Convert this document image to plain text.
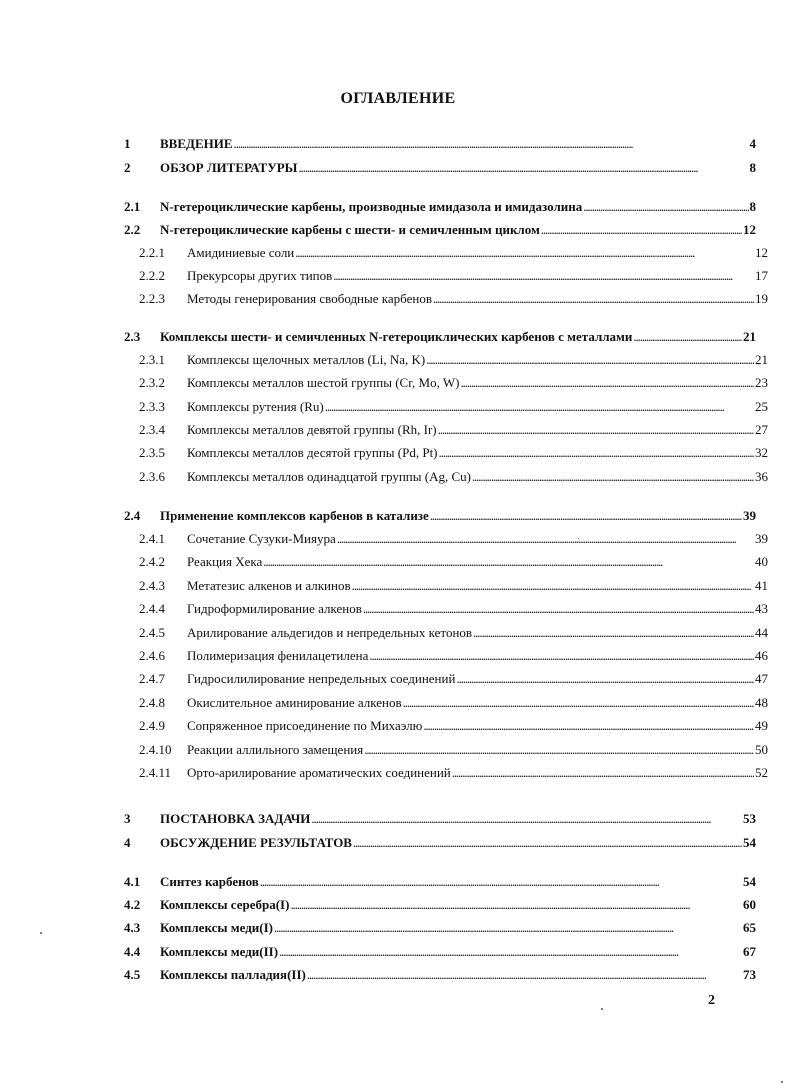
ОГЛАВЛЕНИЕ
1 ВВЕДЕНИЕ . . .	4
2 ОБЗОР ЛИТЕРАТУРЫ . . .	8
2.1 N-гетероциклические карбены, производные имидазола и имидазолина . . .	8
2.2 N-гетероциклические карбены с шести- и семичленным циклом . . .	12
2.2.1 Амидиниевые соли . . .	12
2.2.2 Прекурсоры других типов . . .	17
2.2.3 Методы генерирования свободные карбенов . . .	19
2.3 Комплексы шести- и семичленных N-гетероциклических карбенов с металлами . . .	21
2.3.1 Комплексы щелочных металлов (Li, Na, K) . . .	21
2.3.2 Комплексы металлов шестой группы (Cr, Mo, W) . . .	23
2.3.3 Комплексы рутения (Ru) . . .	25
2.3.4 Комплексы металлов девятой группы (Rh, Ir) . . .	27
2.3.5 Комплексы металлов десятой группы (Pd, Pt) . . .	32
2.3.6 Комплексы металлов одинадцатой группы (Ag, Cu) . . .	36
2.4 Применение комплексов карбенов в катализе . . .	39
2.4.1 Сочетание Сузуки-Мияура . . .	39
2.4.2 Реакция Хека . . .	40
2.4.3 Метатезис алкенов и алкинов . . .	41
2.4.4 Гидроформилирование алкенов . . .	43
2.4.5 Арилирование альдегидов и непредельных кетонов . . .	44
2.4.6 Полимеризация фенилацетилена . . .	46
2.4.7 Гидросилилирование непредельных соединений . . .	47
2.4.8 Окислительное аминирование алкенов . . .	48
2.4.9 Сопряженное присоединение по Михаэлю . . .	49
2.4.10 Реакции аллильного замещения . . .	50
2.4.11 Орто-арилирование ароматических соединений . . .	52
3 ПОСТАНОВКА ЗАДАЧИ . . .	53
4 ОБСУЖДЕНИЕ РЕЗУЛЬТАТОВ . . .	54
4.1 Синтез карбенов . . .	54
4.2 Комплексы серебра(I) . . .	60
4.3 Комплексы меди(I) . . .	65
4.4 Комплексы меди(II) . . .	67
4.5 Комплексы палладия(II) . . .	73
2
